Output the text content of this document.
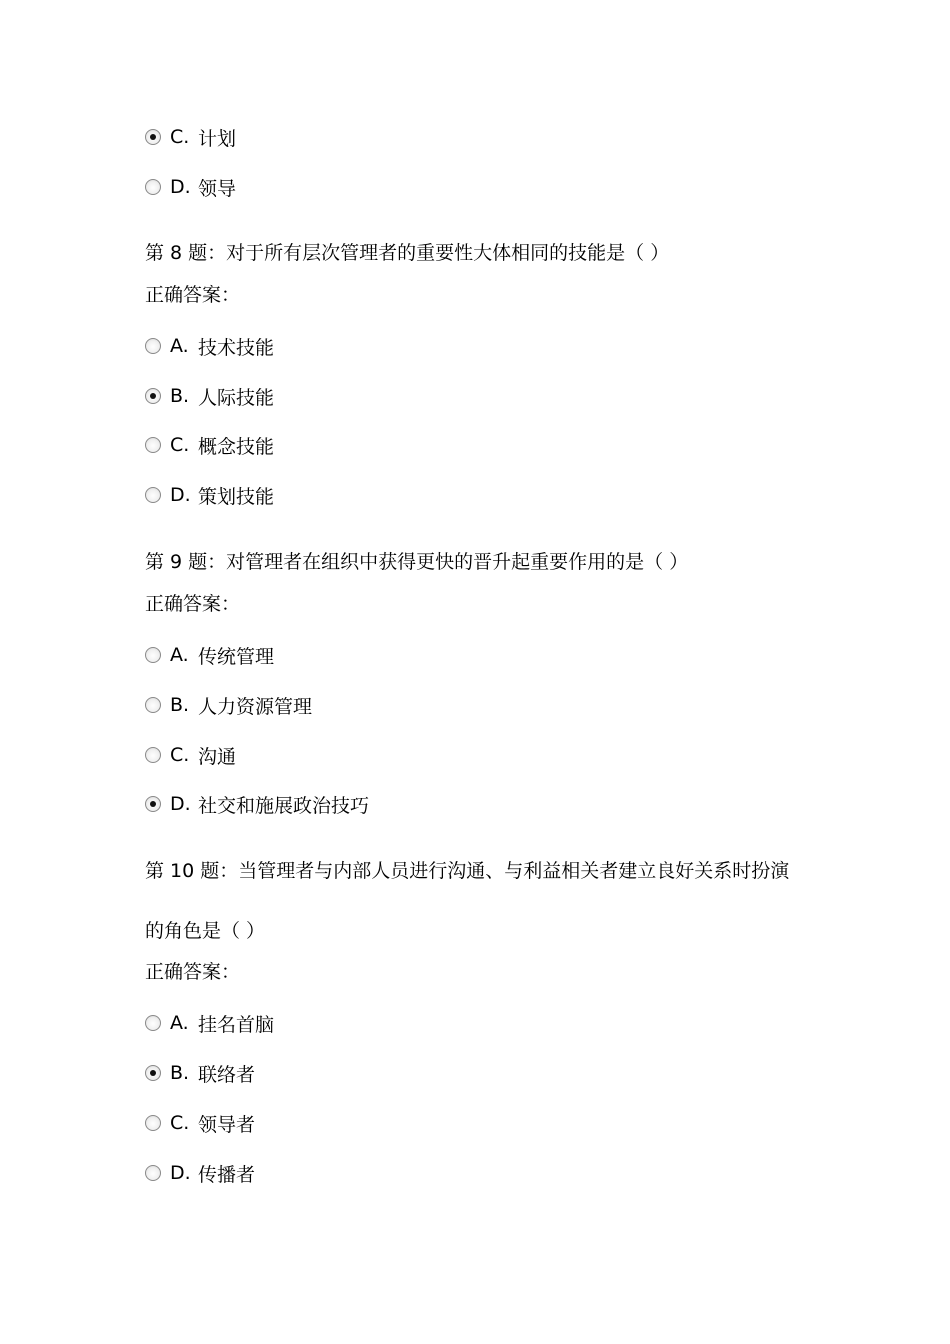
C. 计划
D. 领导
第 8 题：对于所有层次管理者的重要性大体相同的技能是（ ）
正确答案：
A. 技术技能
B. 人际技能
C. 概念技能
D. 策划技能
第 9 题：对管理者在组织中获得更快的晋升起重要作用的是（ ）
正确答案：
A. 传统管理
B. 人力资源管理
C. 沟通
D. 社交和施展政治技巧
第 10 题：当管理者与内部人员进行沟通、与利益相关者建立良好关系时扮演
的角色是（ ）
正确答案：
A. 挂名首脑
B. 联络者
C. 领导者
D. 传播者
